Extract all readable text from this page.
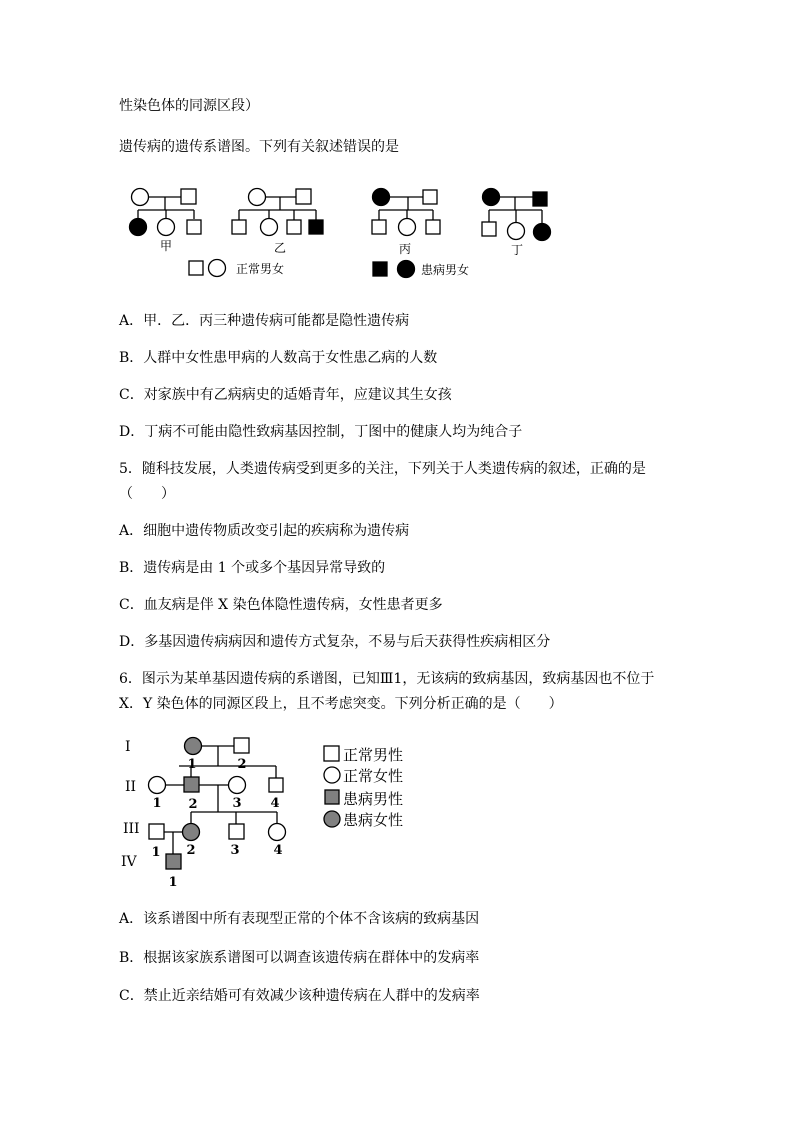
性染色体的同源区段）
遗传病的遗传系谱图。下列有关叙述错误的是
甲	乙	丙	丁
正常男女	患病男女
A．甲．乙．丙三种遗传病可能都是隐性遗传病
B．人群中女性患甲病的人数高于女性患乙病的人数
C．对家族中有乙病病史的适婚青年，应建议其生女孩
D．丁病不可能由隐性致病基因控制，丁图中的健康人均为纯合子
5．随科技发展，人类遗传病受到更多的关注，下列关于人类遗传病的叙述，正确的是
（　　）
A．细胞中遗传物质改变引起的疾病称为遗传病
B．遗传病是由 1 个或多个基因异常导致的
C．血友病是伴 X 染色体隐性遗传病，女性患者更多
D．多基因遗传病病因和遗传方式复杂，不易与后天获得性疾病相区分
6．图示为某单基因遗传病的系谱图，已知Ⅲ1，无该病的致病基因，致病基因也不位于
X．Y 染色体的同源区段上，且不考虑突变。下列分析正确的是（　　）
I
II
III
IV
1	2
1 2	3 4
1 2	3	4
1
正常男性
正常女性
患病男性
患病女性
A．该系谱图中所有表现型正常的个体不含该病的致病基因
B．根据该家族系谱图可以调查该遗传病在群体中的发病率
C．禁止近亲结婚可有效减少该种遗传病在人群中的发病率
